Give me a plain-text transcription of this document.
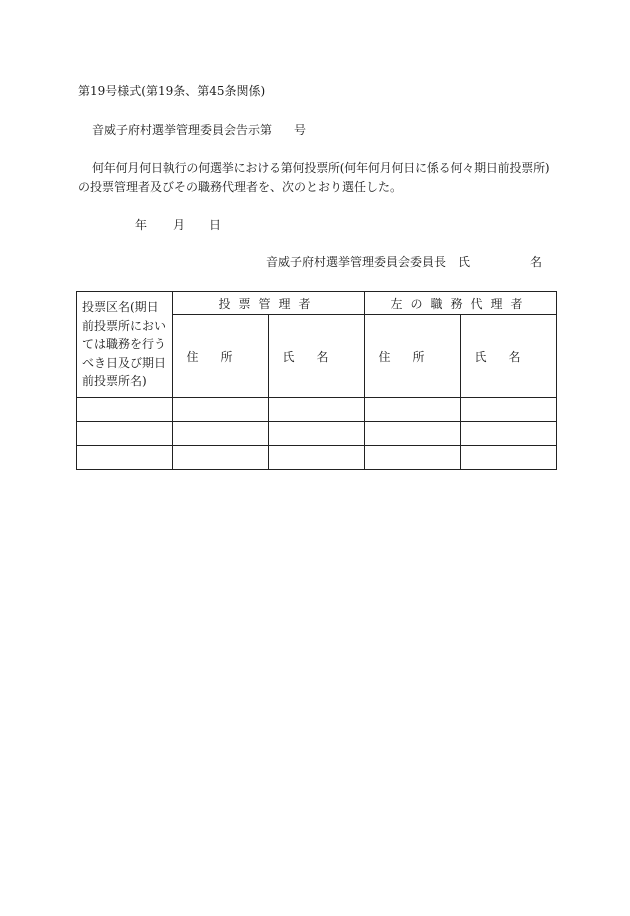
第19号様式(第19条、第45条関係)
音威子府村選挙管理委員会告示第 号
何年何月何日執行の何選挙における第何投票所(何年何月何日に係る何々期日前投票所)
の投票管理者及びその職務代理者を、次のとおり選任した。
年 月 日
音威子府村選挙管理委員会委員長　氏	名
投票区名(期日前投票所においては職務を行うべき日及び期日前投票所名)	投票管理者		左の職務代理者	
	住所	氏名	住所	氏名
